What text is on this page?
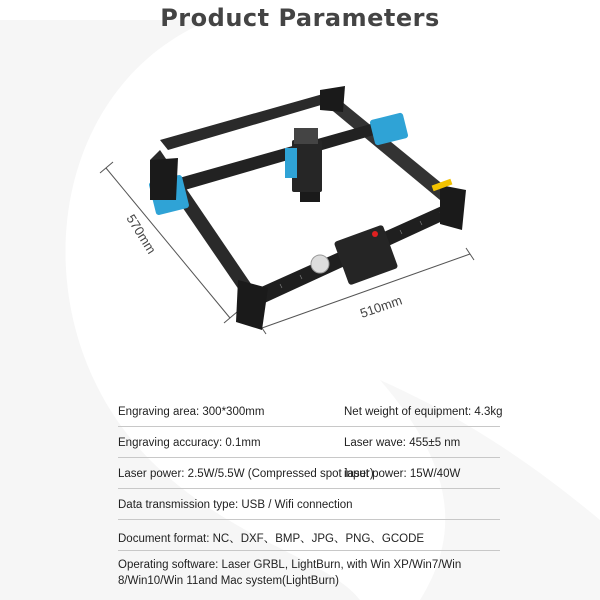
Product Parameters
570mm
510mm
Engraving area: 300*300mm	Net weight of equipment: 4.3kg
Engraving accuracy: 0.1mm	Laser wave: 455±5 nm
Laser power: 2.5W/5.5W (Compressed spot laser)
input power: 15W/40W
Data transmission type: USB / Wifi connection
Document format: NC、DXF、BMP、JPG、PNG、GCODE
Operating software: Laser GRBL, LightBurn, with Win XP/Win7/Win 8/Win10/Win 11and Mac system(LightBurn)
